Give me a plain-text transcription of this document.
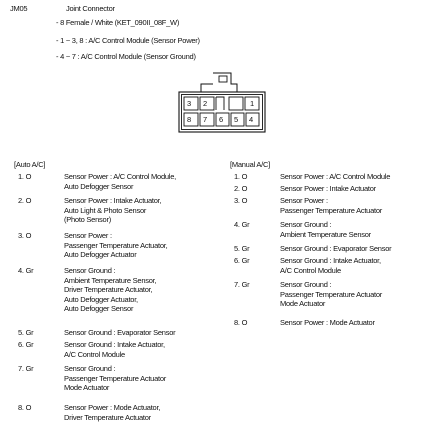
JM05	Joint Connector
- 8 Female / White (KET_090II_08F_W)
- 1 ~ 3, 8 : A/C Control Module (Sensor Power)
- 4 ~ 7 : A/C Control Module (Sensor Ground)
3 2	1
8 7 6 5 4
[Auto A/C]
1. O	Sensor Power : A/C Control Module,
Auto Defogger Sensor
2. O	Sensor Power : Intake Actuator,
Auto Light & Photo Sensor
(Photo Sensor)
3. O	Sensor Power :
Passenger Temperature Actuator,
Auto Defogger Actuator
4. Gr	Sensor Ground :
Ambient Temperature Sensor,
Driver Temperature Actuator,
Auto Defogger Actuator,
Auto Defogger Sensor
5. Gr	Sensor Ground : Evaporator Sensor
6. Gr	Sensor Ground : Intake Actuator,
A/C Control Module
7. Gr	Sensor Ground :
Passenger Temperature Actuator
Mode Actuator
8. O	Sensor Power : Mode Actuator,
Driver Temperature Actuator
[Manual A/C]
1. O	Sensor Power : A/C Control Module
2. O	Sensor Power : Intake Actuator
3. O	Sensor Power :
Passenger Temperature Actuator
4. Gr	Sensor Ground :
Ambient Temperature Sensor
5. Gr	Sensor Ground : Evaporator Sensor
6. Gr	Sensor Ground : Intake Actuator,
A/C Control Module
7. Gr	Sensor Ground :
Passenger Temperature Actuator
Mode Actuator
8. O	Sensor Power : Mode Actuator
